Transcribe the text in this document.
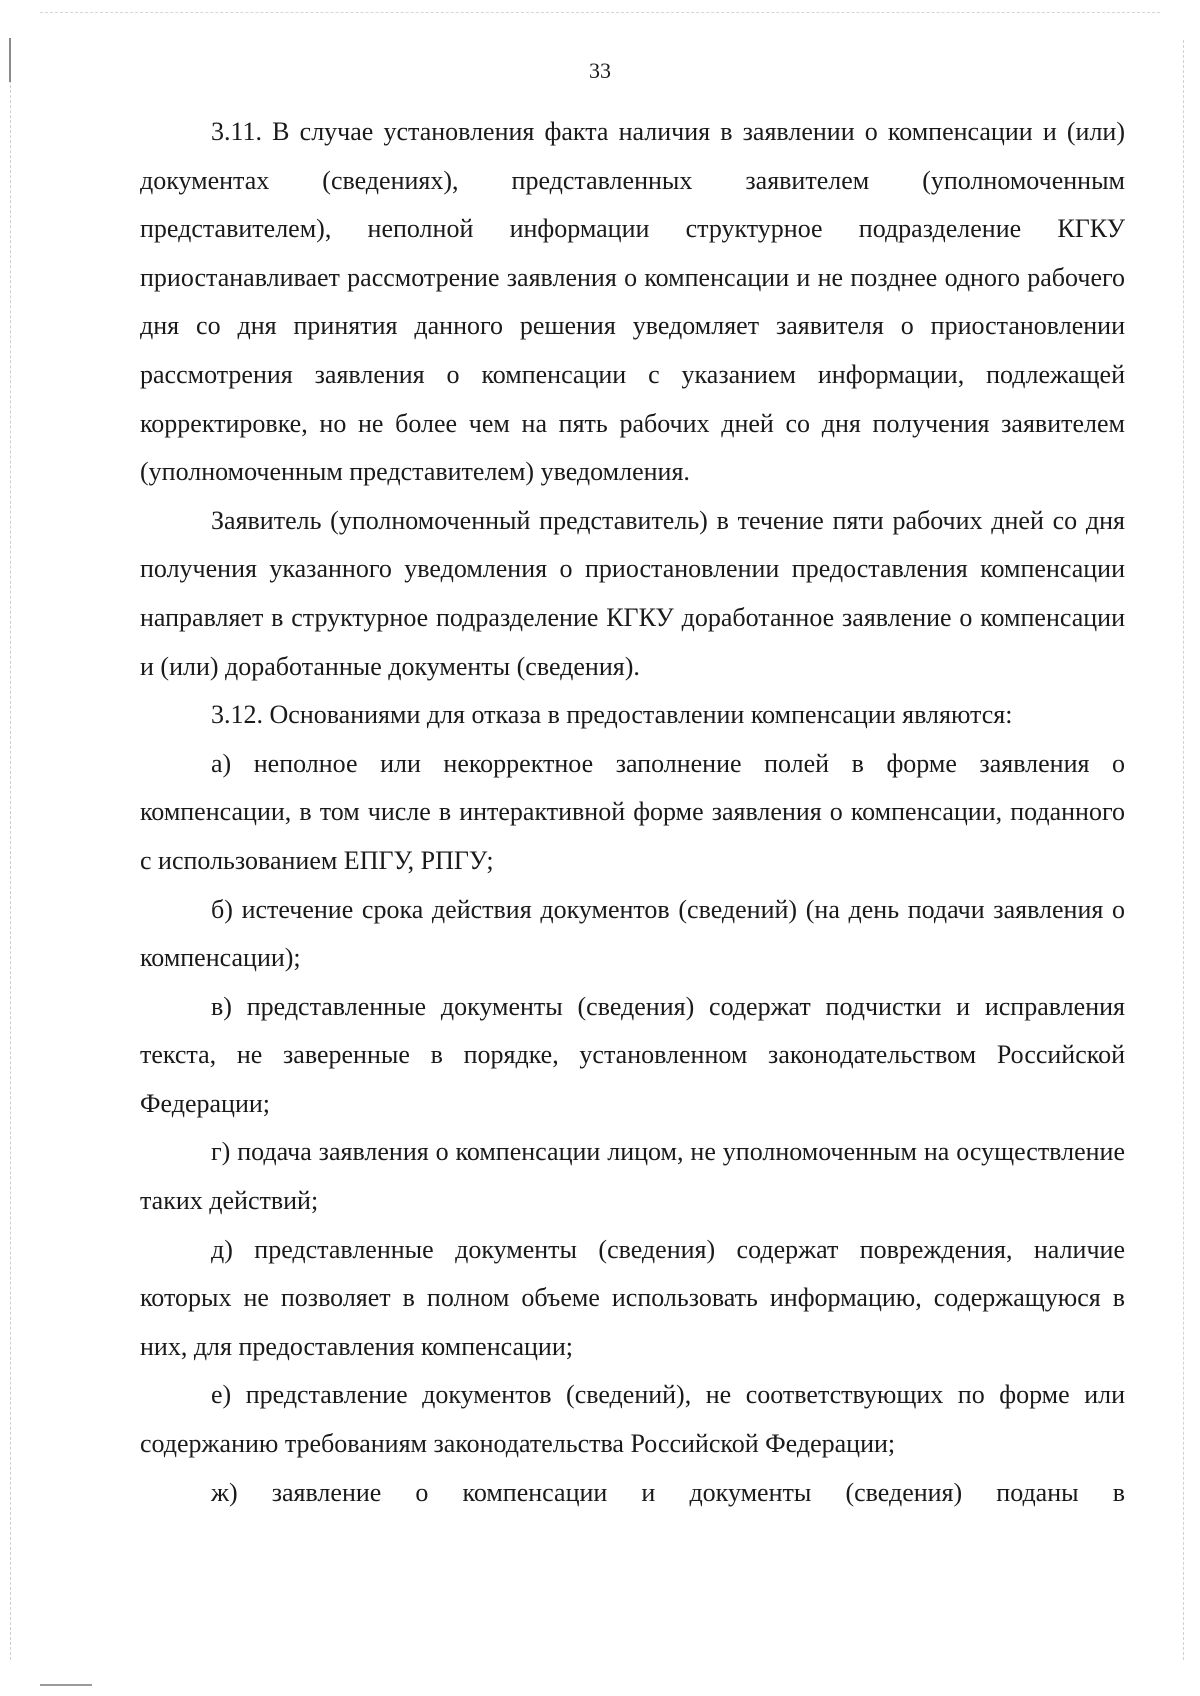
33

3.11. В случае установления факта наличия в заявлении о компенсации и (или) документах (сведениях), представленных заявителем (уполномоченным представителем), неполной информации структурное подразделение КГКУ приостанавливает рассмотрение заявления о компенсации и не позднее одного рабочего дня со дня принятия данного решения уведомляет заявителя о приостановлении рассмотрения заявления о компенсации с указанием информации, подлежащей корректировке, но не более чем на пять рабочих дней со дня получения заявителем (уполномоченным представителем) уведомления.

Заявитель (уполномоченный представитель) в течение пяти рабочих дней со дня получения указанного уведомления о приостановлении предоставления компенсации направляет в структурное подразделение КГКУ доработанное заявление о компенсации и (или) доработанные документы (сведения).

3.12. Основаниями для отказа в предоставлении компенсации являются:

а) неполное или некорректное заполнение полей в форме заявления о компенсации, в том числе в интерактивной форме заявления о компенсации, поданного с использованием ЕПГУ, РПГУ;

б) истечение срока действия документов (сведений) (на день подачи заявления о компенсации);

в) представленные документы (сведения) содержат подчистки и исправления текста, не заверенные в порядке, установленном законодательством Российской Федерации;

г) подача заявления о компенсации лицом, не уполномоченным на осуществление таких действий;

д) представленные документы (сведения) содержат повреждения, наличие которых не позволяет в полном объеме использовать информацию, содержащуюся в них, для предоставления компенсации;

е) представление документов (сведений), не соответствующих по форме или содержанию требованиям законодательства Российской Федерации;

ж) заявление о компенсации и документы (сведения) поданы в
